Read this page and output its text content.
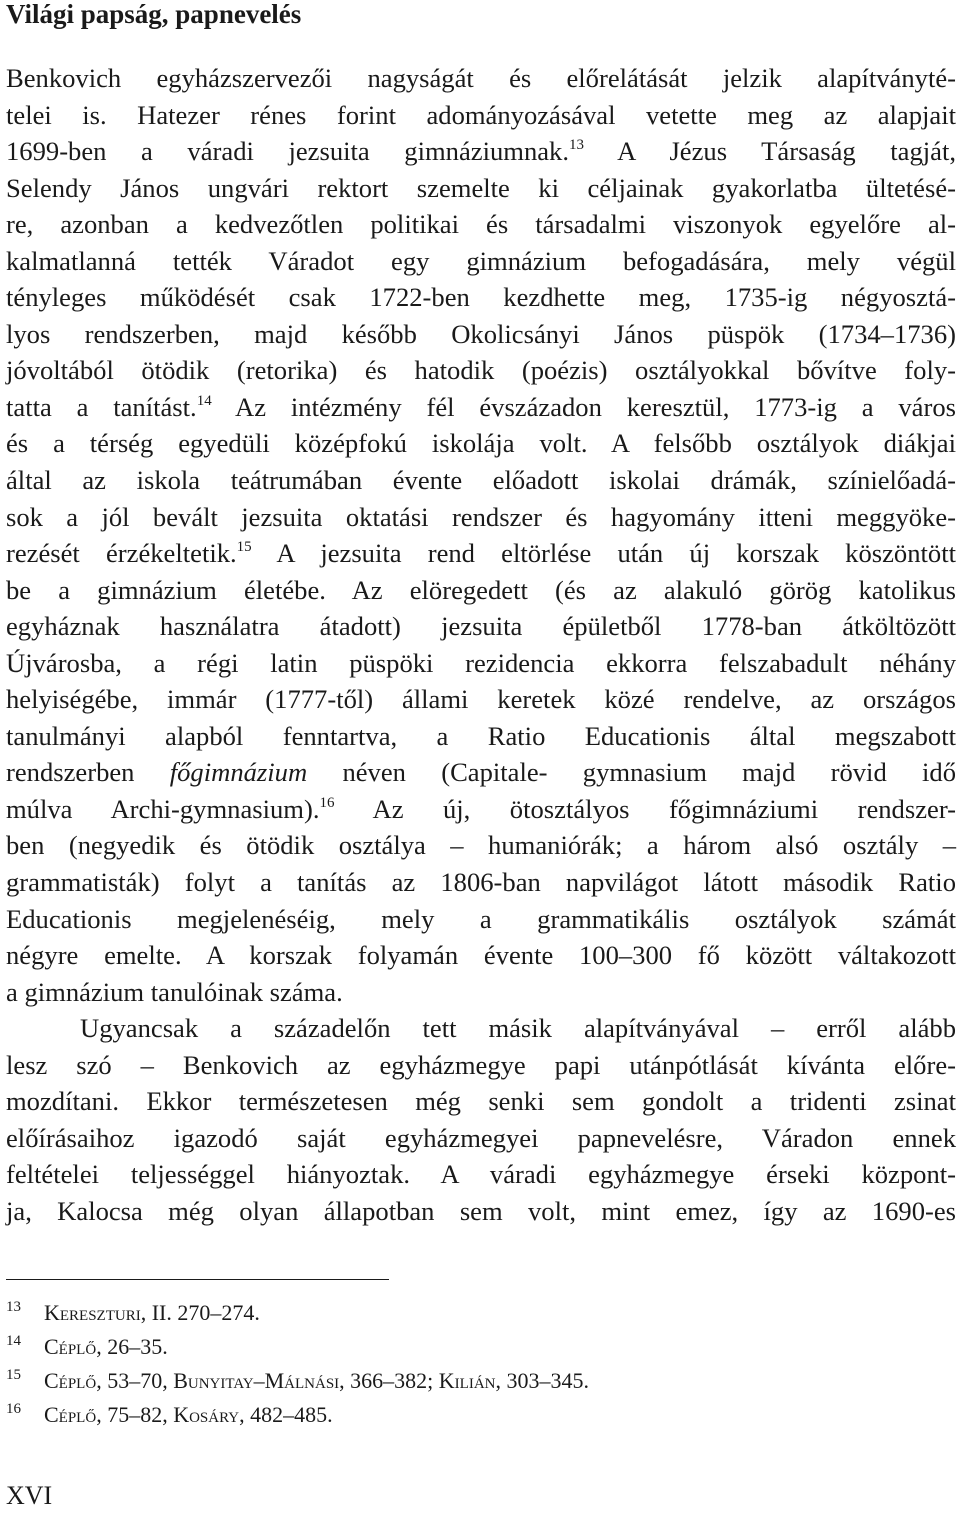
Világi papság, papnevelés
Benkovich egyházszervezői nagyságát és előrelátását jelzik alapítványté-
telei is. Hatezer rénes forint adományozásával vetette meg az alapjait
1699-ben a váradi jezsuita gimnáziumnak.$^{13}$ A Jézus Társaság tagját,
Selendy János ungvári rektort szemelte ki céljainak gyakorlatba ültetésé-
re, azonban a kedvezőtlen politikai és társadalmi viszonyok egyelőre al-
kalmatlanná tették Váradot egy gimnázium befogadására, mely végül
tényleges működését csak 1722-ben kezdhette meg, 1735-ig négyosztá-
lyos rendszerben, majd később Okolicsányi János püspök (1734–1736)
jóvoltából ötödik (retorika) és hatodik (poézis) osztályokkal bővítve foly-
tatta a tanítást.$^{14}$ Az intézmény fél évszázadon keresztül, 1773-ig a város
és a térség egyedüli középfokú iskolája volt. A felsőbb osztályok diákjai
által az iskola teátrumában évente előadott iskolai drámák, színielőadá-
sok a jól bevált jezsuita oktatási rendszer és hagyomány itteni meggyöke-
rezését érzékeltetik.$^{15}$ A jezsuita rend eltörlése után új korszak köszöntött
be a gimnázium életébe. Az elöregedett (és az alakuló görög katolikus
egyháznak használatra átadott) jezsuita épületből 1778-ban átköltözött
Újvárosba, a régi latin püspöki rezidencia ekkorra felszabadult néhány
helyiségébe, immár (1777-től) állami keretek közé rendelve, az országos
tanulmányi alapból fenntartva, a Ratio Educationis által megszabott
rendszerben főgimnázium néven (Capitale- gymnasium majd rövid idő
múlva Archi-gymnasium).$^{16}$ Az új, ötosztályos főgimnáziumi rendszer-
ben (negyedik és ötödik osztálya – humaniórák; a három alsó osztály –
grammatisták) folyt a tanítás az 1806-ban napvilágot látott második Ratio
Educationis megjelenéséig, mely a grammatikális osztályok számát
négyre emelte. A korszak folyamán évente 100–300 fő között váltakozott
a gimnázium tanulóinak száma.
Ugyancsak a századelőn tett másik alapítványával – erről alább
lesz szó – Benkovich az egyházmegye papi utánpótlását kívánta előre-
mozdítani. Ekkor természetesen még senki sem gondolt a tridenti zsinat
előírásaihoz igazodó saját egyházmegyei papnevelésre, Váradon ennek
feltételei teljességgel hiányoztak. A váradi egyházmegye érseki központ-
ja, Kalocsa még olyan állapotban sem volt, mint emez, így az 1690-es
13	Kereszturi, II. 270–274.
14	Céplő, 26–35.
15	Céplő, 53–70, Bunyitay–Málnási, 366–382; Kilián, 303–345.
16	Céplő, 75–82, Kosáry, 482–485.
XVI
